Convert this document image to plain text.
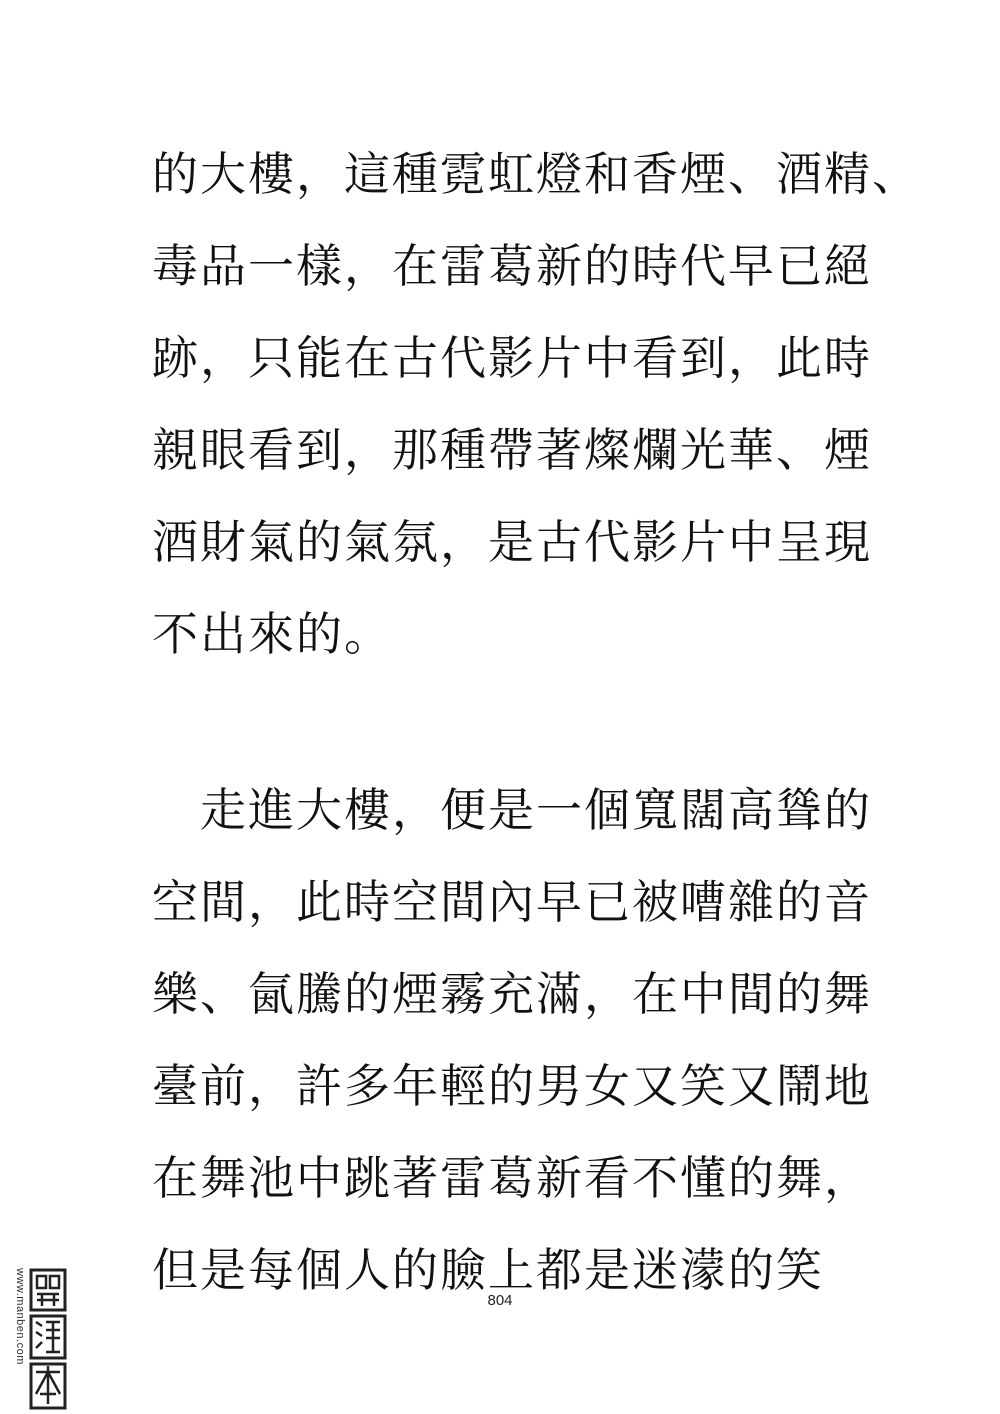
的大樓，這種霓虹燈和香煙、酒精、
毒品一樣，在雷葛新的時代早已絕
跡，只能在古代影片中看到，此時
親眼看到，那種帶著燦爛光華、煙
酒財氣的氣氛，是古代影片中呈現
不出來的。
　走進大樓，便是一個寬闊高聳的
空間，此時空間內早已被嘈雜的音
樂、氤騰的煙霧充滿，在中間的舞
臺前，許多年輕的男女又笑又鬧地
在舞池中跳著雷葛新看不懂的舞，
但是每個人的臉上都是迷濛的笑
804
www.manben.com
